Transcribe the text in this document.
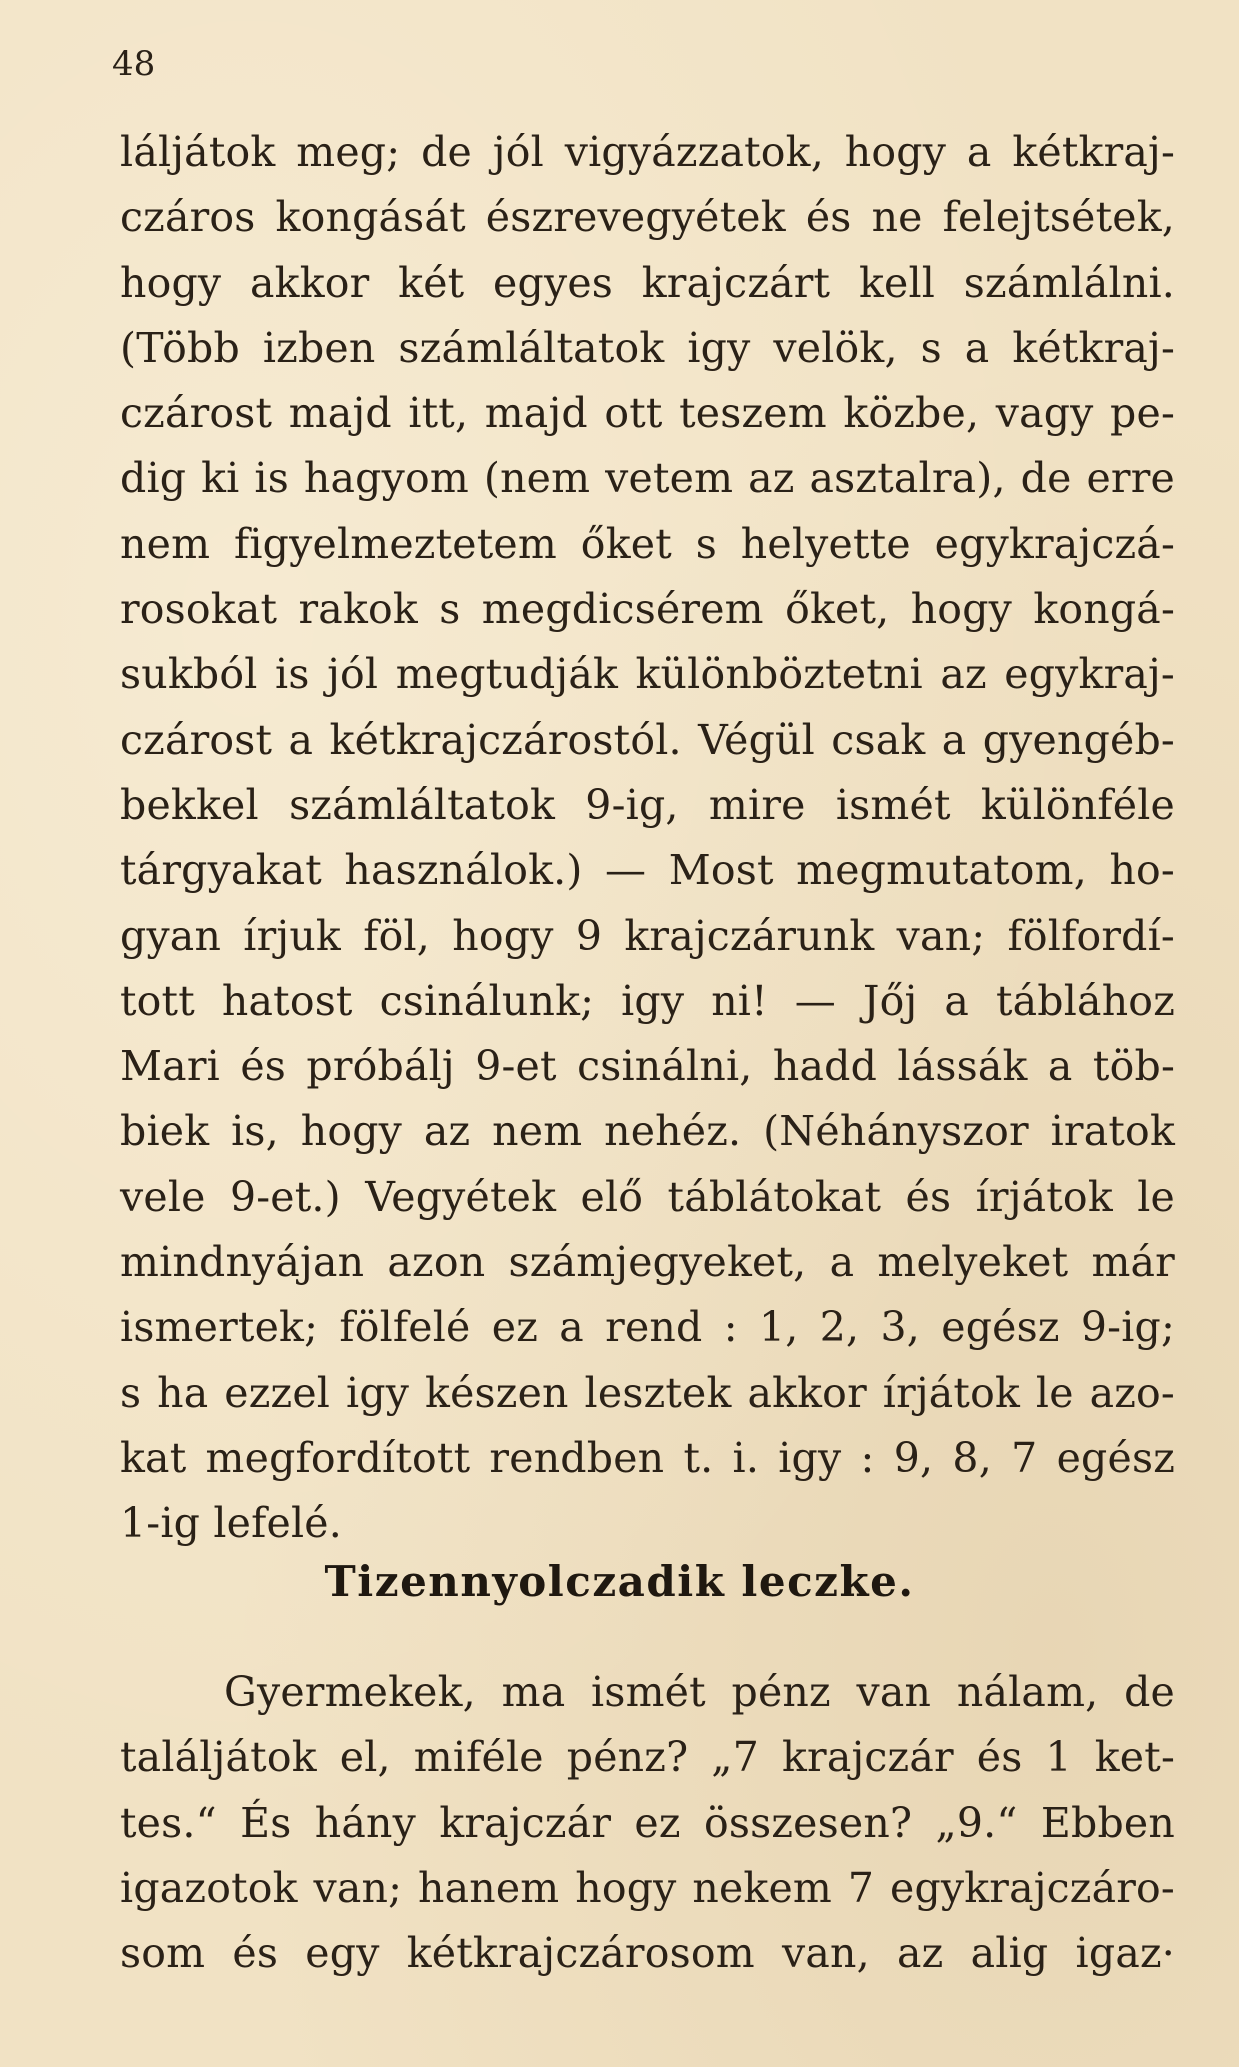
48
láljátok meg; de jól vigyázzatok, hogy a kétkraj-
czáros kongását észrevegyétek és ne felejtsétek,
hogy akkor két egyes krajczárt kell számlálni.
(Több izben számláltatok igy velök, s a kétkraj-
czárost majd itt, majd ott teszem közbe, vagy pe-
dig ki is hagyom (nem vetem az asztalra), de erre
nem figyelmeztetem őket s helyette egykrajczá-
rosokat rakok s megdicsérem őket, hogy kongá-
sukból is jól megtudják különböztetni az egykraj-
czárost a kétkrajczárostól. Végül csak a gyengéb-
bekkel számláltatok 9-ig, mire ismét különféle
tárgyakat használok.) — Most megmutatom, ho-
gyan írjuk föl, hogy 9 krajczárunk van; fölfordí-
tott hatost csinálunk; igy ni! — Jőj a táblához
Mari és próbálj 9-et csinálni, hadd lássák a töb-
biek is, hogy az nem nehéz. (Néhányszor iratok
vele 9-et.) Vegyétek elő táblátokat és írjátok le
mindnyájan azon számjegyeket, a melyeket már
ismertek; fölfelé ez a rend : 1, 2, 3, egész 9-ig;
s ha ezzel igy készen lesztek akkor írjátok le azo-
kat megfordított rendben t. i. igy : 9, 8, 7 egész
1-ig lefelé.
Tizennyolczadik leczke.
Gyermekek, ma ismét pénz van nálam, de
találjátok el, miféle pénz? „7 krajczár és 1 ket-
tes.“ És hány krajczár ez összesen? „9.“ Ebben
igazotok van; hanem hogy nekem 7 egykrajczáro-
som és egy kétkrajczárosom van, az alig igaz·
